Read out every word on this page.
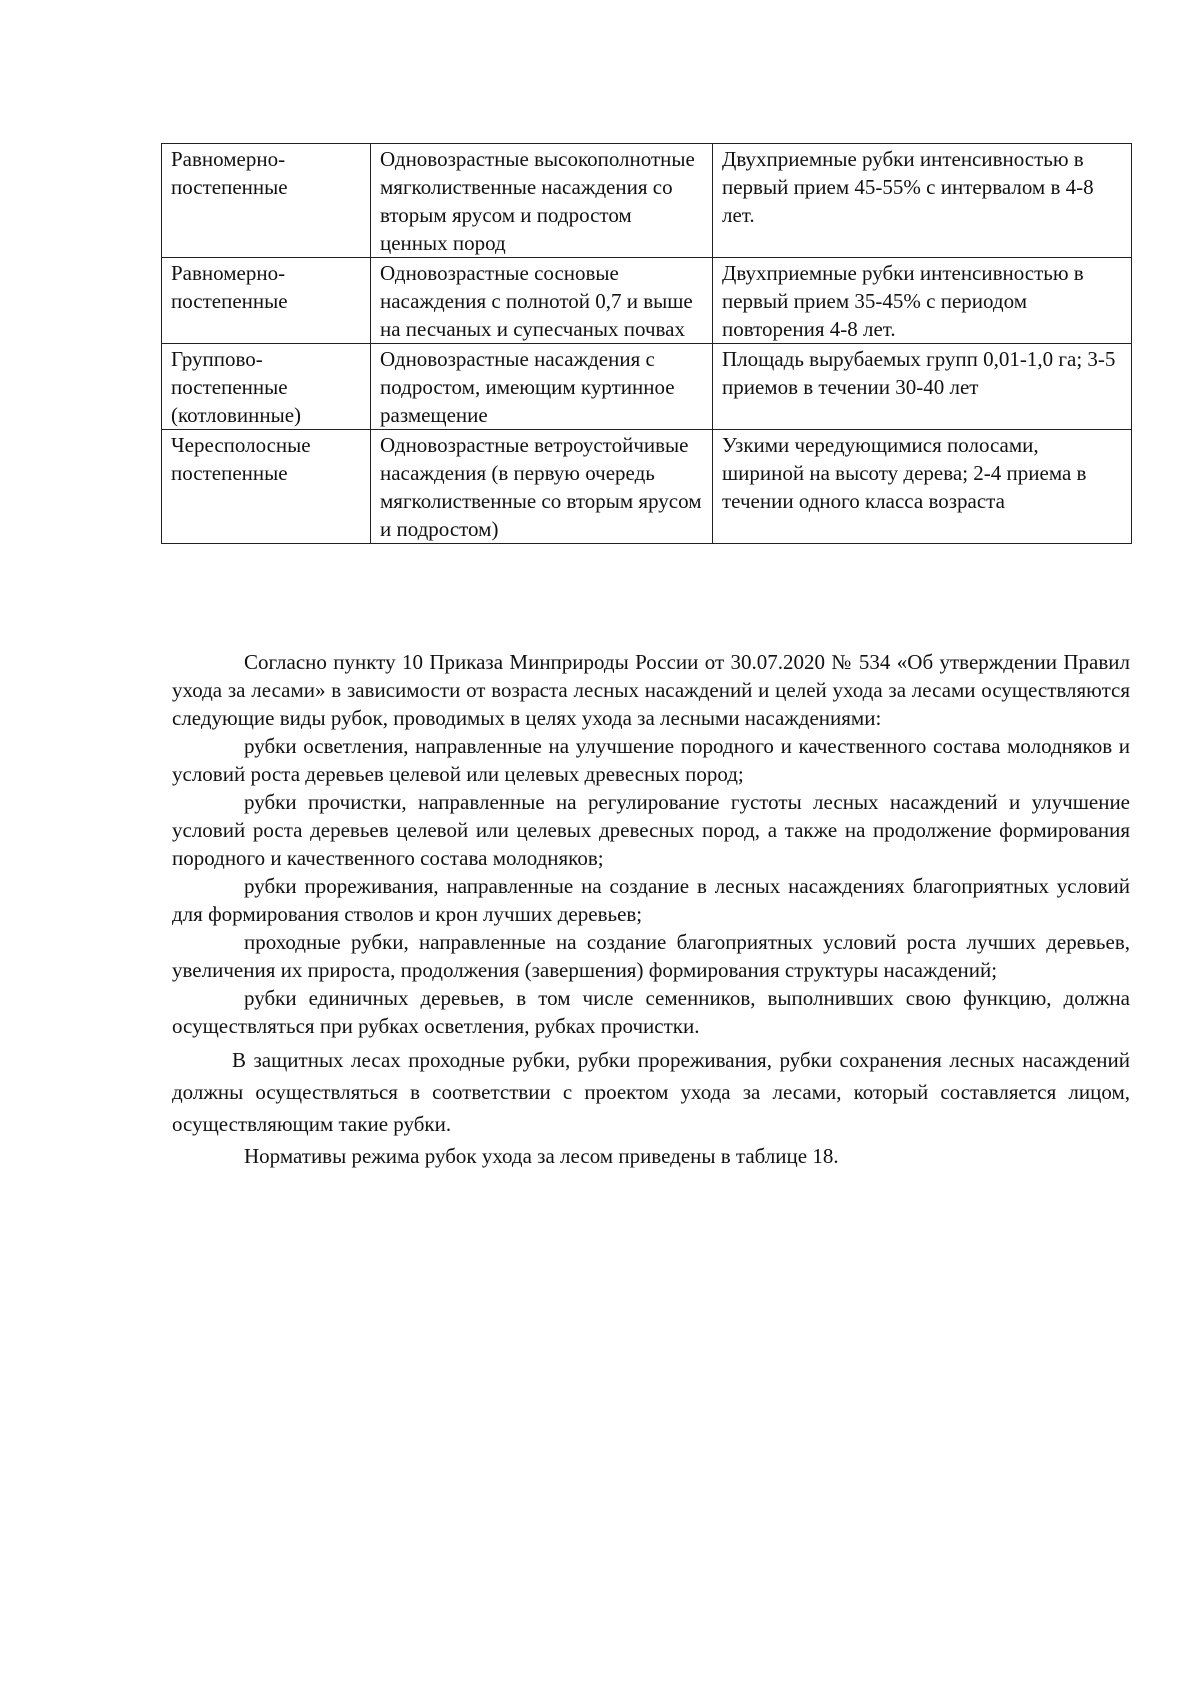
Равномерно-постепенные	Одновозрастные высокополнотные мягколиственные насаждения со вторым ярусом и подростом ценных пород	Двухприемные рубки интенсивностью в первый прием 45-55% с интервалом в 4-8 лет.
Равномерно-постепенные	Одновозрастные сосновые насаждения с полнотой 0,7 и выше на песчаных и супесчаных почвах	Двухприемные рубки интенсивностью в первый прием 35-45% с периодом повторения 4-8 лет.
Группово-постепенные (котловинные)	Одновозрастные насаждения с подростом, имеющим куртинное размещение	Площадь вырубаемых групп 0,01-1,0 га; 3-5 приемов в течении 30-40 лет
Чересполосные постепенные	Одновозрастные ветроустойчивые насаждения (в первую очередь мягколиственные со вторым ярусом и подростом)	Узкими чередующимися полосами, шириной на высоту дерева; 2-4 приема в течении одного класса возраста

Согласно пункту 10 Приказа Минприроды России от 30.07.2020 № 534 «Об утверждении Правил ухода за лесами» в зависимости от возраста лесных насаждений и целей ухода за лесами осуществляются следующие виды рубок, проводимых в целях ухода за лесными насаждениями:

рубки осветления, направленные на улучшение породного и качественного состава молодняков и условий роста деревьев целевой или целевых древесных пород;

рубки прочистки, направленные на регулирование густоты лесных насаждений и улучшение условий роста деревьев целевой или целевых древесных пород, а также на продолжение формирования породного и качественного состава молодняков;

рубки прореживания, направленные на создание в лесных насаждениях благоприятных условий для формирования стволов и крон лучших деревьев;

проходные рубки, направленные на создание благоприятных условий роста лучших деревьев, увеличения их прироста, продолжения (завершения) формирования структуры насаждений;

рубки единичных деревьев, в том числе семенников, выполнивших свою функцию, должна осуществляться при рубках осветления, рубках прочистки.

В защитных лесах проходные рубки, рубки прореживания, рубки сохранения лесных насаждений должны осуществляться в соответствии с проектом ухода за лесами, который составляется лицом, осуществляющим такие рубки.

Нормативы режима рубок ухода за лесом приведены в таблице 18.
